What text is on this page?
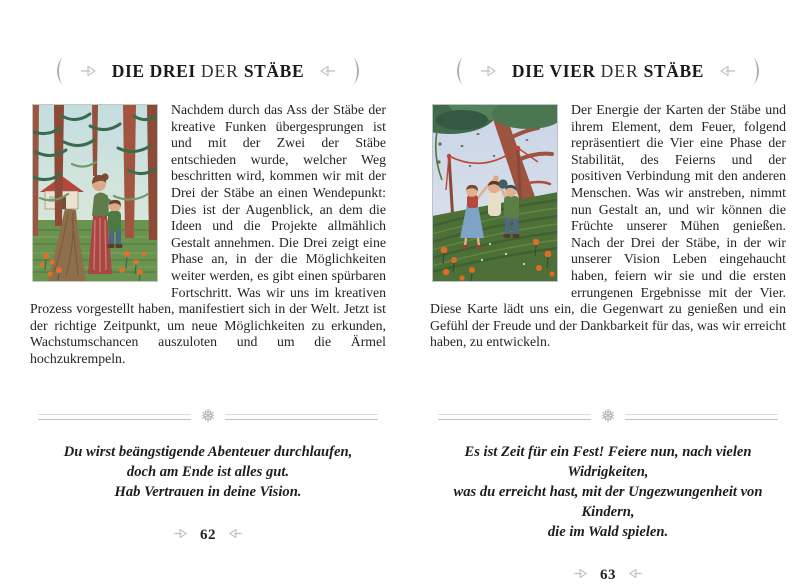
DIE DREI DER STÄBE
Nachdem durch das Ass der Stäbe der kreative Funken übergesprungen ist und mit der Zwei der Stäbe entschieden wurde, welcher Weg beschritten wird, kommen wir mit der Drei der Stäbe an einen Wendepunkt: Dies ist der Augenblick, an dem die Ideen und die Projekte allmählich Gestalt annehmen. Die Drei zeigt eine Phase an, in der die Möglichkeiten weiter werden, es gibt einen spürbaren Fortschritt. Was wir uns im kreativen Prozess vorgestellt haben, manifestiert sich in der Welt. Jetzt ist der richtige Zeitpunkt, um neue Möglichkeiten zu erkunden, Wachstumschancen auszuloten und um die Ärmel hochzukrempeln.
❅
Du wirst beängstigende Abenteuer durchlaufen,
doch am Ende ist alles gut.
Hab Vertrauen in deine Vision.
62
DIE VIER DER STÄBE
Der Energie der Karten der Stäbe und ihrem Element, dem Feuer, folgend repräsentiert die Vier eine Phase der Stabilität, des Feierns und der positiven Verbindung mit den anderen Menschen. Was wir anstreben, nimmt nun Gestalt an, und wir können die Früchte unserer Mühen genießen. Nach der Drei der Stäbe, in der wir unserer Vision Leben eingehaucht haben, feiern wir sie und die ersten errungenen Ergebnisse mit der Vier. Diese Karte lädt uns ein, die Gegenwart zu genießen und ein Gefühl der Freude und der Dankbarkeit für das, was wir erreicht haben, zu entwickeln.
❅
Es ist Zeit für ein Fest! Feiere nun, nach vielen Widrigkeiten,
was du erreicht hast, mit der Ungezwungenheit von Kindern,
die im Wald spielen.
63
